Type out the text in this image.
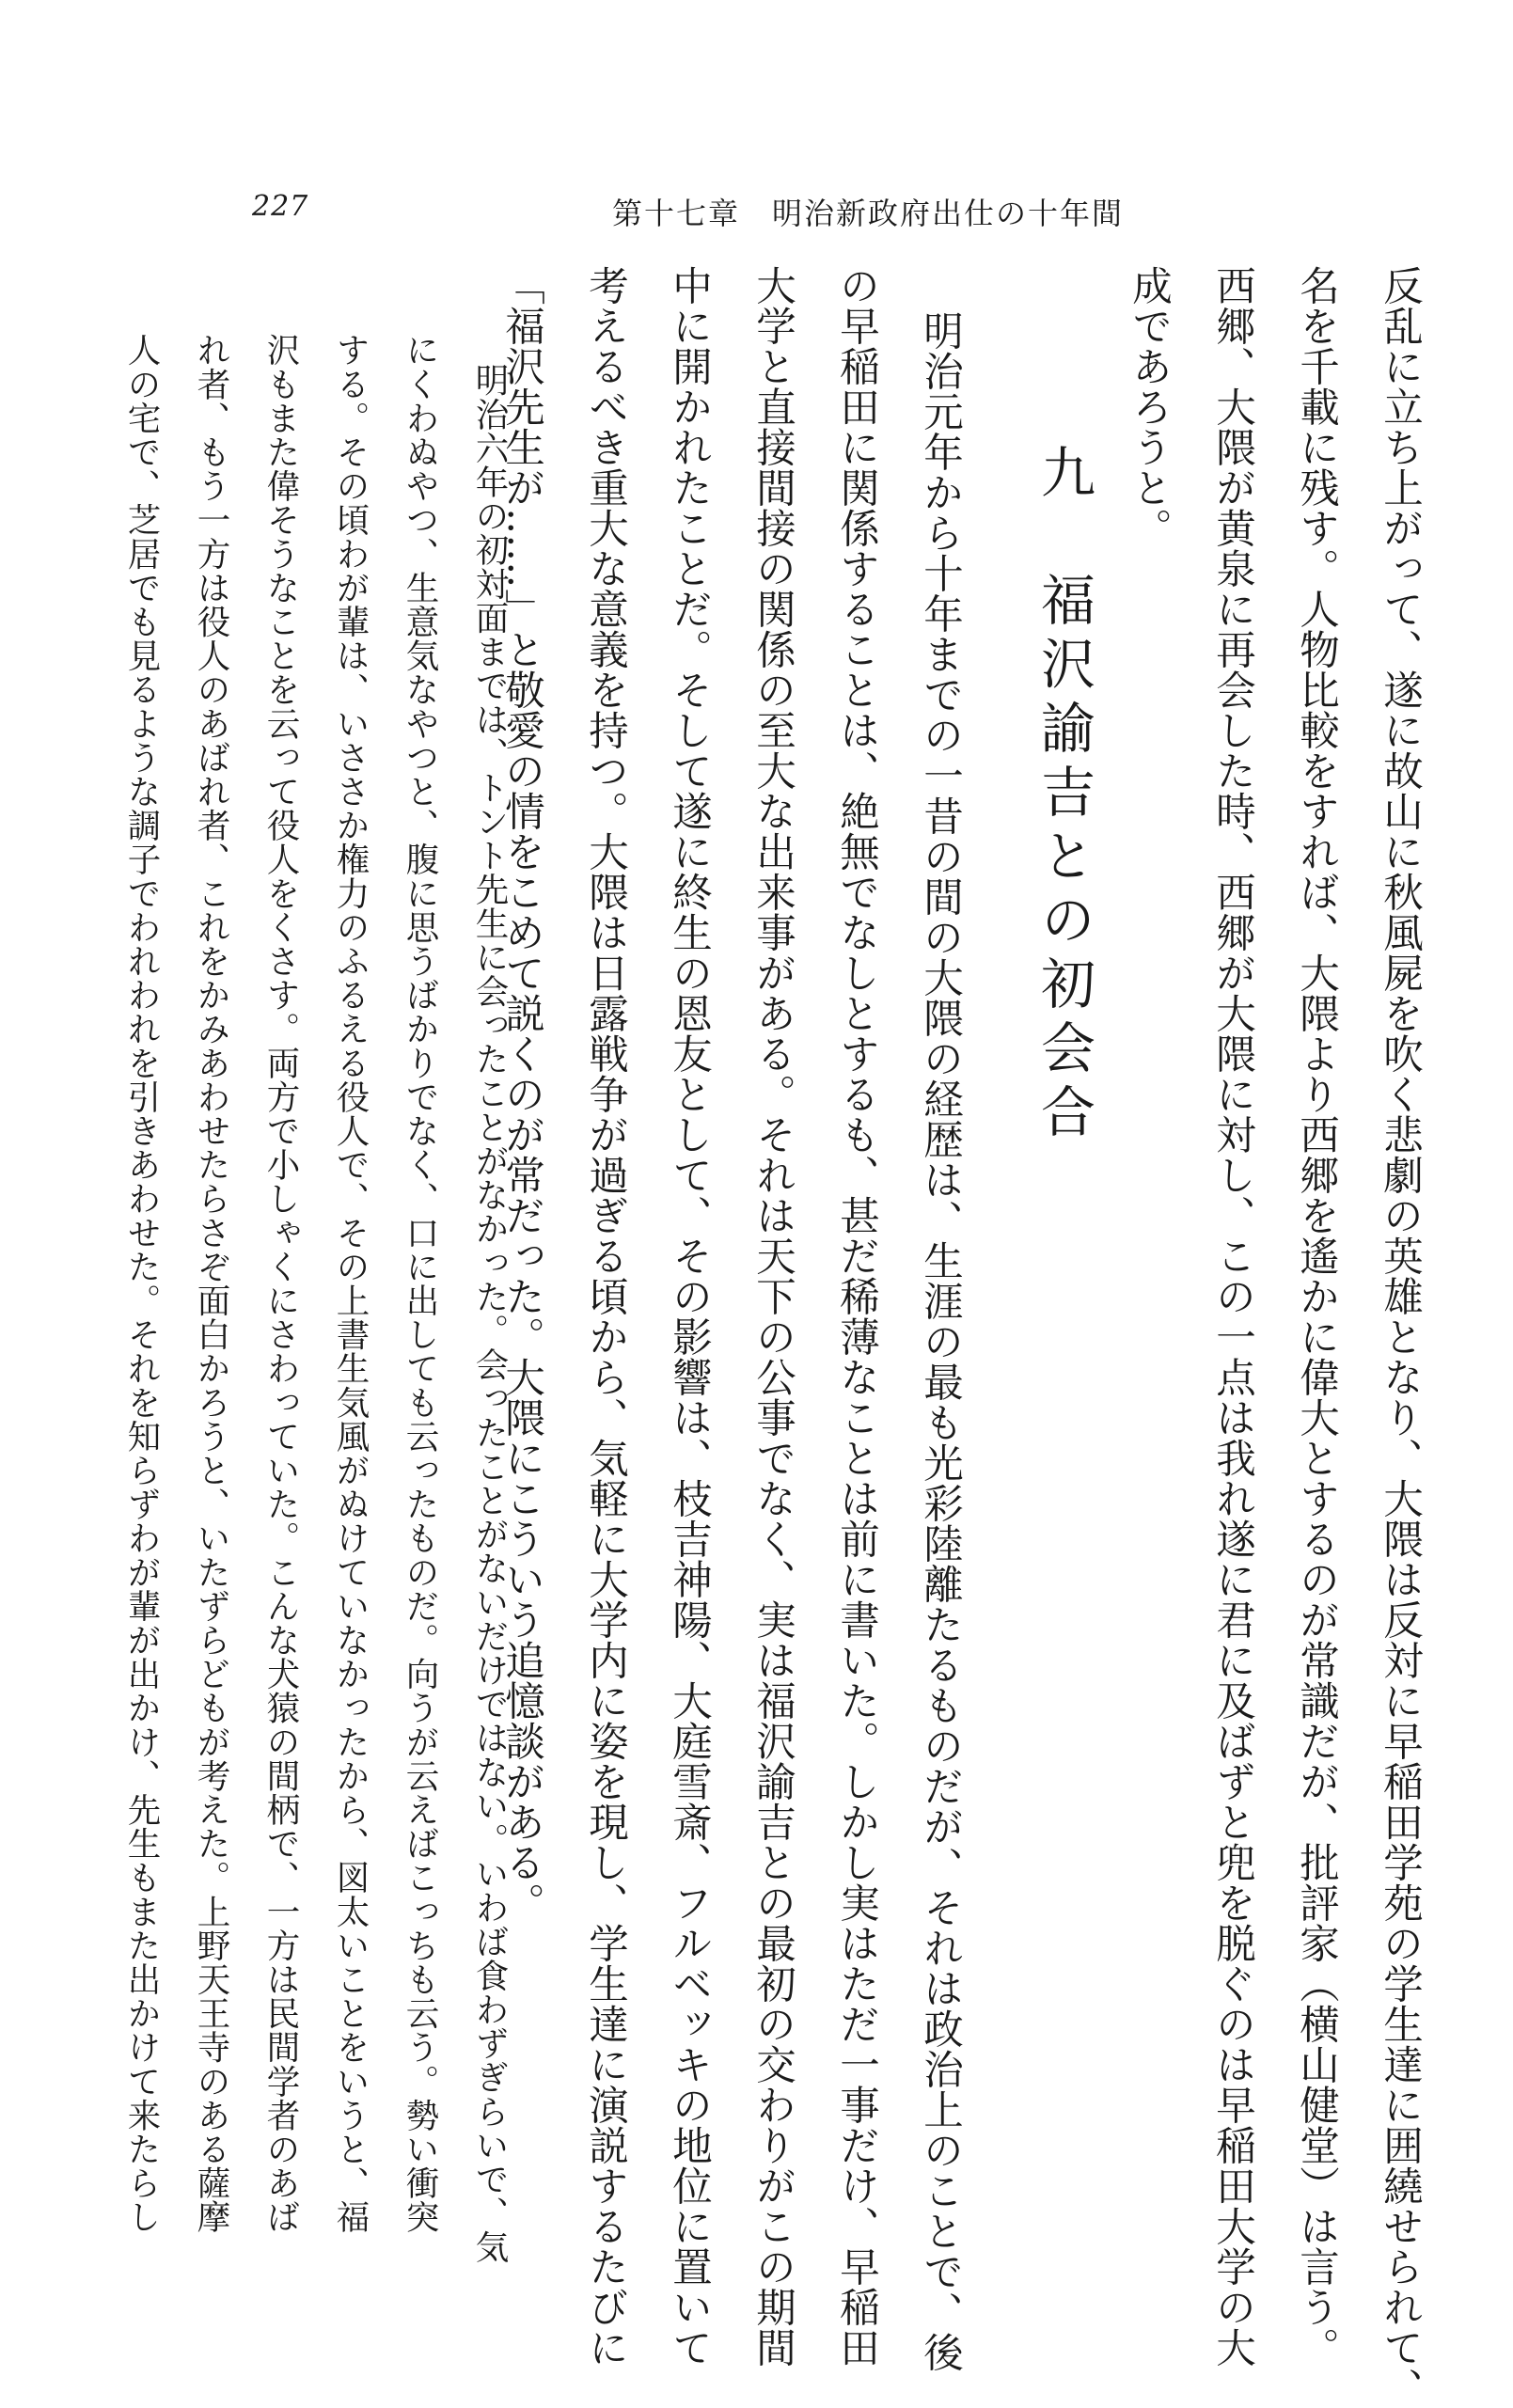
227	第十七章　明治新政府出仕の十年間
反乱に立ち上がって、遂に故山に秋風屍を吹く悲劇の英雄となり、大隈は反対に早稲田学苑の学生達に囲繞せられて、
名を千載に残す。人物比較をすれば、大隈より西郷を遙かに偉大とするのが常識だが、批評家（横山健堂）は言う。
西郷、大隈が黄泉に再会した時、西郷が大隈に対し、この一点は我れ遂に君に及ばずと兜を脱ぐのは早稲田大学の大
成であろうと。
九　福沢諭吉との初会合
明治元年から十年までの一昔の間の大隈の経歴は、生涯の最も光彩陸離たるものだが、それは政治上のことで、後
の早稲田に関係することは、絶無でなしとするも、甚だ稀薄なことは前に書いた。しかし実はただ一事だけ、早稲田
大学と直接間接の関係の至大な出来事がある。それは天下の公事でなく、実は福沢諭吉との最初の交わりがこの期間
中に開かれたことだ。そして遂に終生の恩友として、その影響は、枝吉神陽、大庭雪斎、フルベッキの地位に置いて
考えるべき重大な意義を持つ。大隈は日露戦争が過ぎる頃から、気軽に大学内に姿を現し、学生達に演説するたびに
「福沢先生が……」と敬愛の情をこめて説くのが常だった。大隈にこういう追憶談がある。
明治六年の初対面までは、トント先生に会ったことがなかった。会ったことがないだけではない。いわば食わずぎらいで、気
にくわぬやつ、生意気なやつと、腹に思うばかりでなく、口に出しても云ったものだ。向うが云えばこっちも云う。勢い衝突
する。その頃わが輩は、いささか権力のふるえる役人で、その上書生気風がぬけていなかったから、図太いことをいうと、福
沢もまた偉そうなことを云って役人をくさす。両方で小しゃくにさわっていた。こんな犬猿の間柄で、一方は民間学者のあば
れ者、もう一方は役人のあばれ者、これをかみあわせたらさぞ面白かろうと、いたずらどもが考えた。上野天王寺のある薩摩
人の宅で、芝居でも見るような調子でわれわれを引きあわせた。それを知らずわが輩が出かけ、先生もまた出かけて来たらし
